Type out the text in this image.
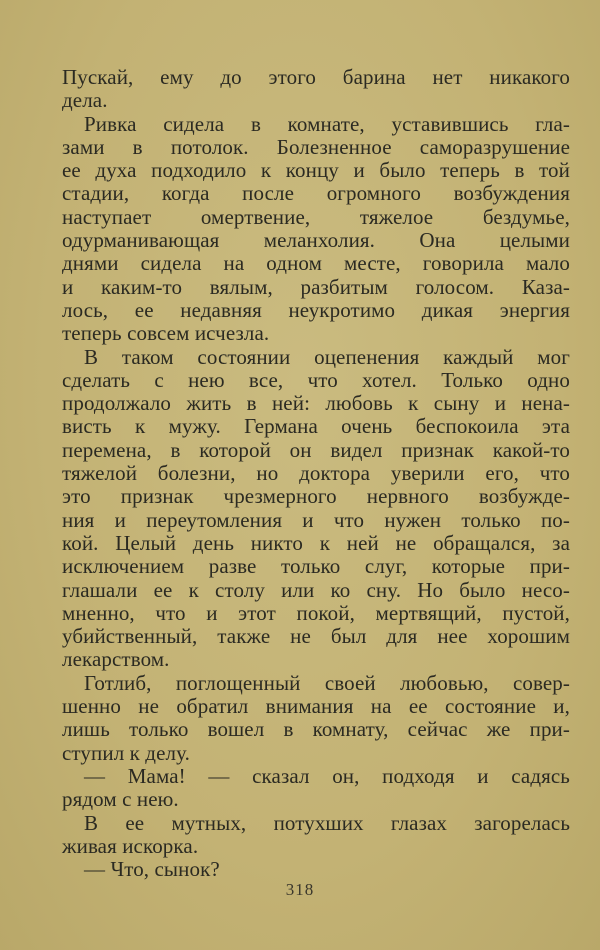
Пускай, ему до этого барина нет никакого
дела.
Ривка сидела в комнате, уставившись гла-
зами в потолок. Болезненное саморазрушение
ее духа подходило к концу и было теперь в той
стадии, когда после огромного возбуждения
наступает омертвение, тяжелое бездумье,
одурманивающая меланхолия. Она целыми
днями сидела на одном месте, говорила мало
и каким-то вялым, разбитым голосом. Каза-
лось, ее недавняя неукротимо дикая энергия
теперь совсем исчезла.
В таком состоянии оцепенения каждый мог
сделать с нею все, что хотел. Только одно
продолжало жить в ней: любовь к сыну и нена-
висть к мужу. Германа очень беспокоила эта
перемена, в которой он видел признак какой-то
тяжелой болезни, но доктора уверили его, что
это признак чрезмерного нервного возбужде-
ния и переутомления и что нужен только по-
кой. Целый день никто к ней не обращался, за
исключением разве только слуг, которые при-
глашали ее к столу или ко сну. Но было несо-
мненно, что и этот покой, мертвящий, пустой,
убийственный, также не был для нее хорошим
лекарством.
Готлиб, поглощенный своей любовью, совер-
шенно не обратил внимания на ее состояние и,
лишь только вошел в комнату, сейчас же при-
ступил к делу.
— Мама! — сказал он, подходя и садясь
рядом с нею.
В ее мутных, потухших глазах загорелась
живая искорка.
— Что, сынок?
318
